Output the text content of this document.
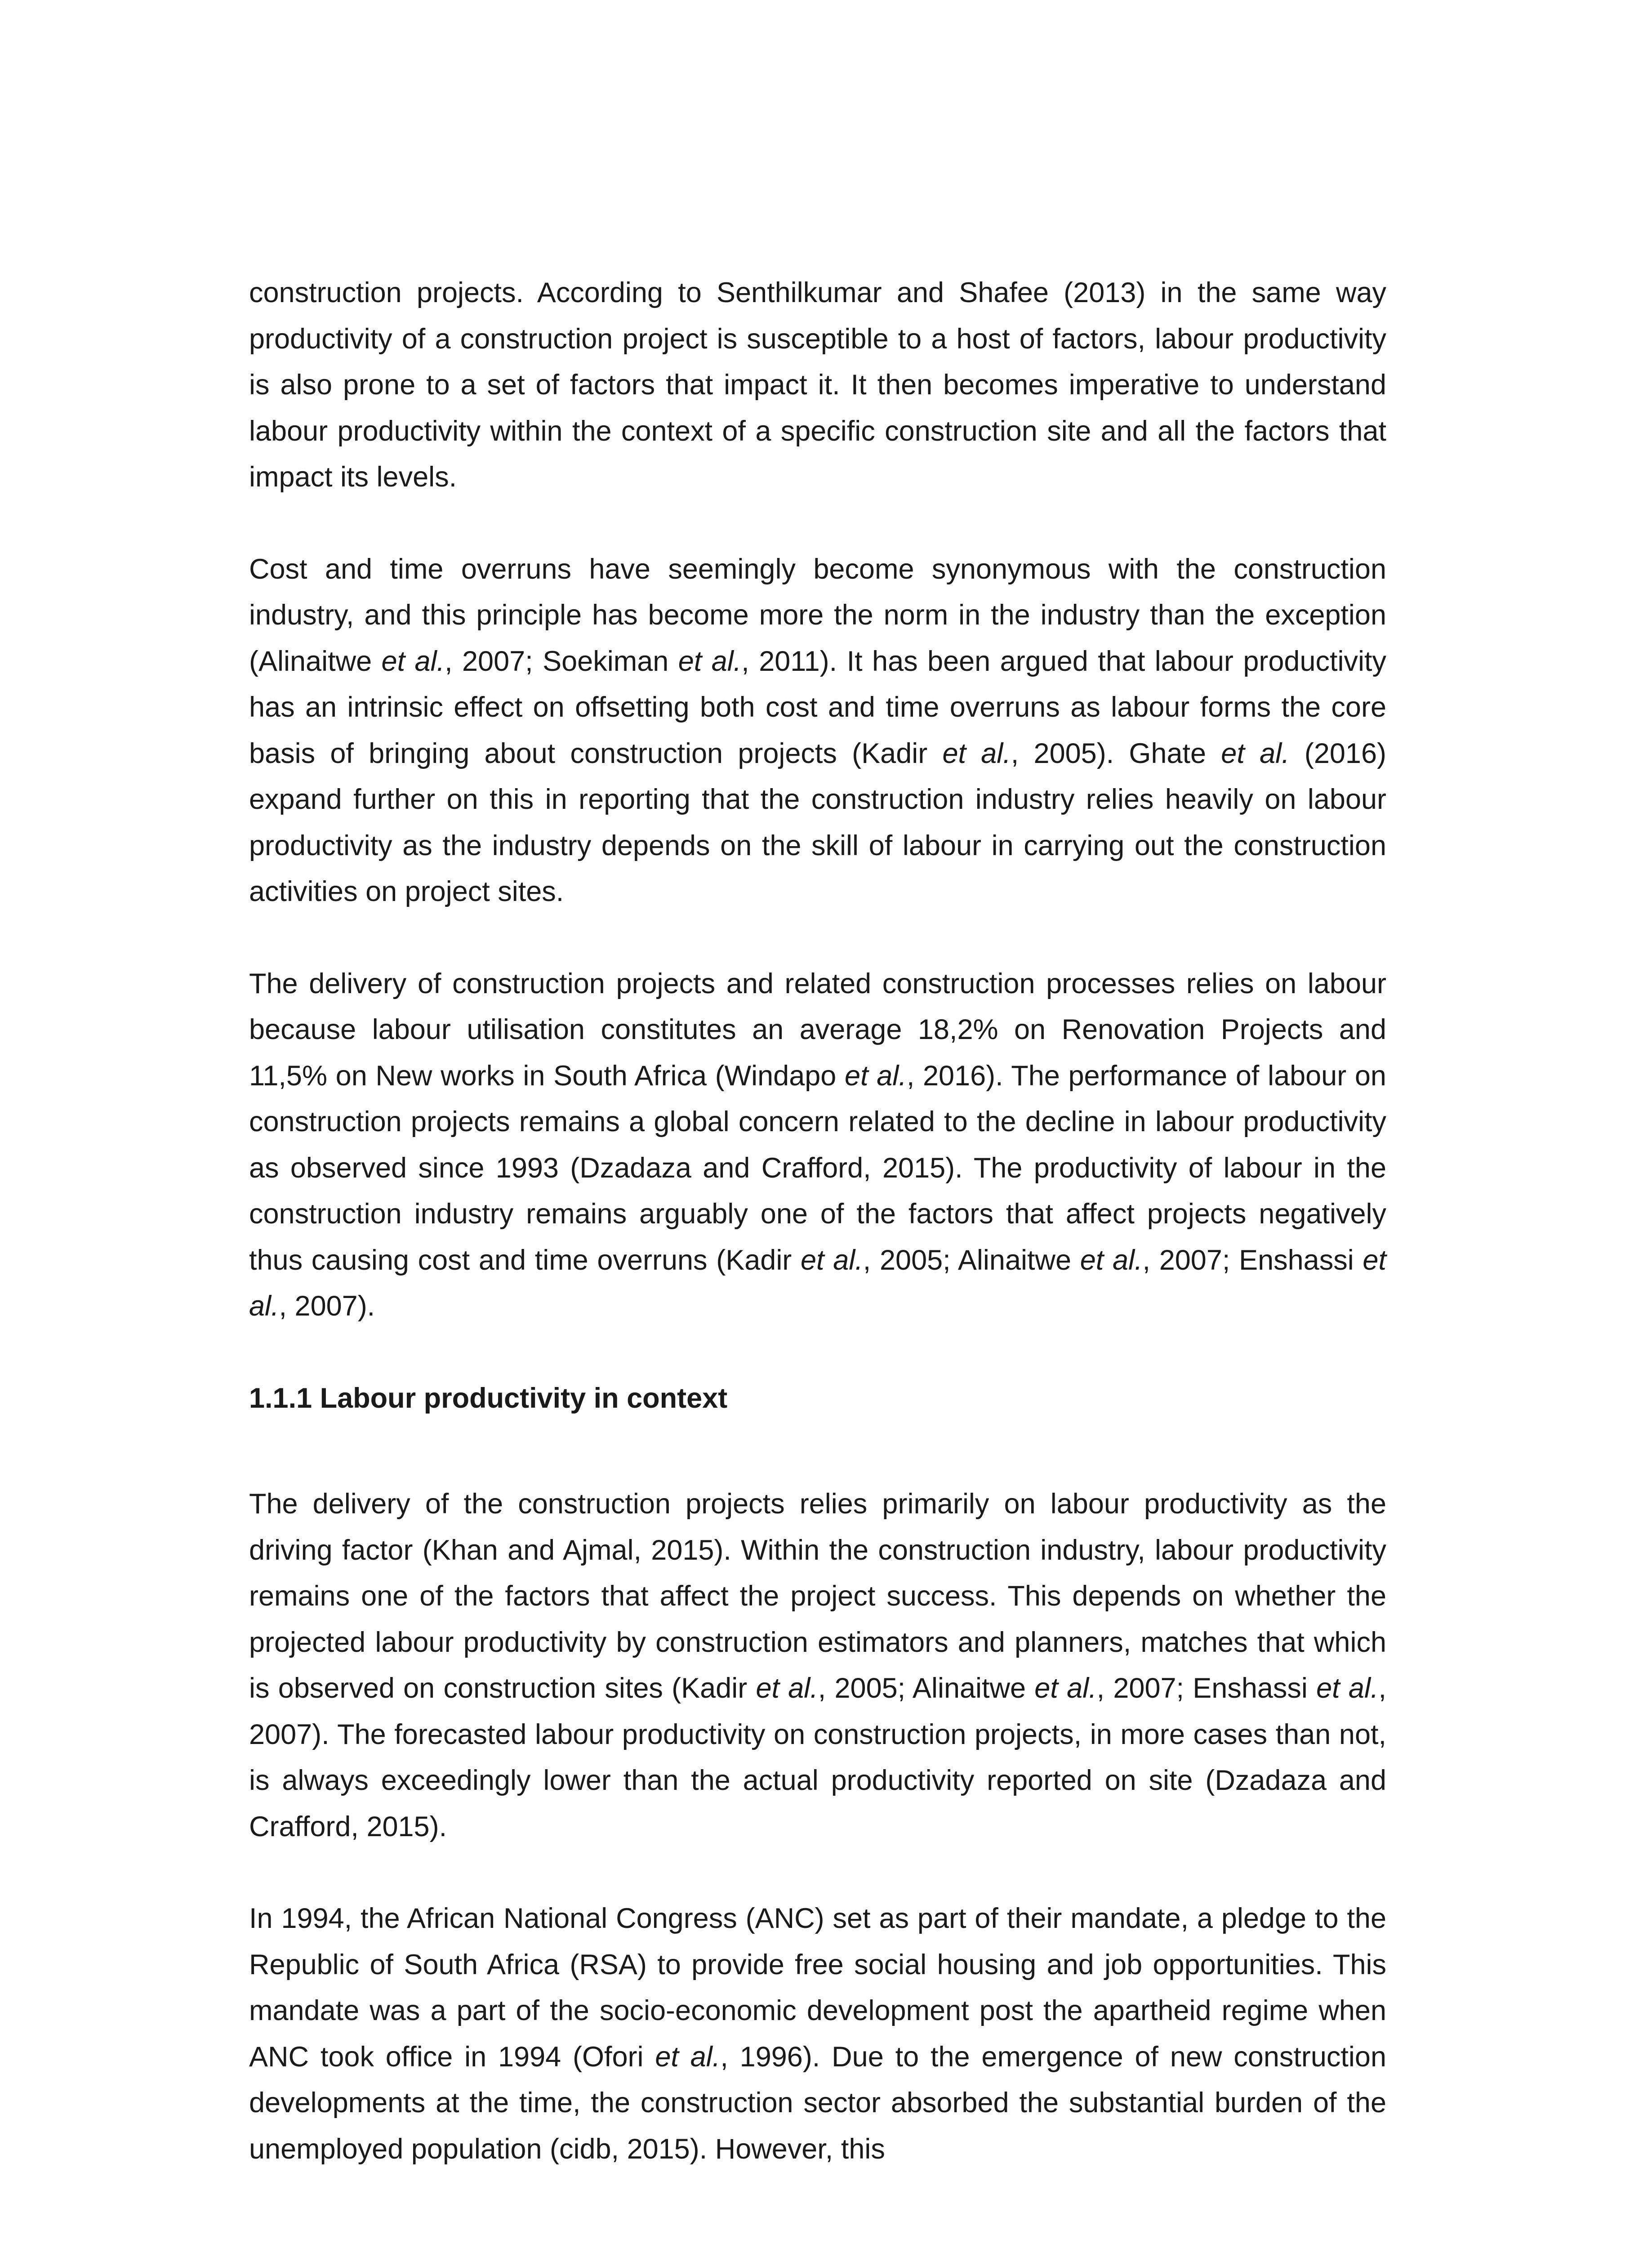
construction projects. According to Senthilkumar and Shafee (2013) in the same way productivity of a construction project is susceptible to a host of factors, labour productivity is also prone to a set of factors that impact it. It then becomes imperative to understand labour productivity within the context of a specific construction site and all the factors that impact its levels.

Cost and time overruns have seemingly become synonymous with the construction industry, and this principle has become more the norm in the industry than the exception (Alinaitwe et al., 2007; Soekiman et al., 2011). It has been argued that labour productivity has an intrinsic effect on offsetting both cost and time overruns as labour forms the core basis of bringing about construction projects (Kadir et al., 2005). Ghate et al. (2016) expand further on this in reporting that the construction industry relies heavily on labour productivity as the industry depends on the skill of labour in carrying out the construction activities on project sites.

The delivery of construction projects and related construction processes relies on labour because labour utilisation constitutes an average 18,2% on Renovation Projects and 11,5% on New works in South Africa (Windapo et al., 2016). The performance of labour on construction projects remains a global concern related to the decline in labour productivity as observed since 1993 (Dzadaza and Crafford, 2015). The productivity of labour in the construction industry remains arguably one of the factors that affect projects negatively thus causing cost and time overruns (Kadir et al., 2005; Alinaitwe et al., 2007; Enshassi et al., 2007).

1.1.1 Labour productivity in context

The delivery of the construction projects relies primarily on labour productivity as the driving factor (Khan and Ajmal, 2015). Within the construction industry, labour productivity remains one of the factors that affect the project success. This depends on whether the projected labour productivity by construction estimators and planners, matches that which is observed on construction sites (Kadir et al., 2005; Alinaitwe et al., 2007; Enshassi et al., 2007). The forecasted labour productivity on construction projects, in more cases than not, is always exceedingly lower than the actual productivity reported on site (Dzadaza and Crafford, 2015).

In 1994, the African National Congress (ANC) set as part of their mandate, a pledge to the Republic of South Africa (RSA) to provide free social housing and job opportunities. This mandate was a part of the socio-economic development post the apartheid regime when ANC took office in 1994 (Ofori et al., 1996). Due to the emergence of new construction developments at the time, the construction sector absorbed the substantial burden of the unemployed population (cidb, 2015). However, this
